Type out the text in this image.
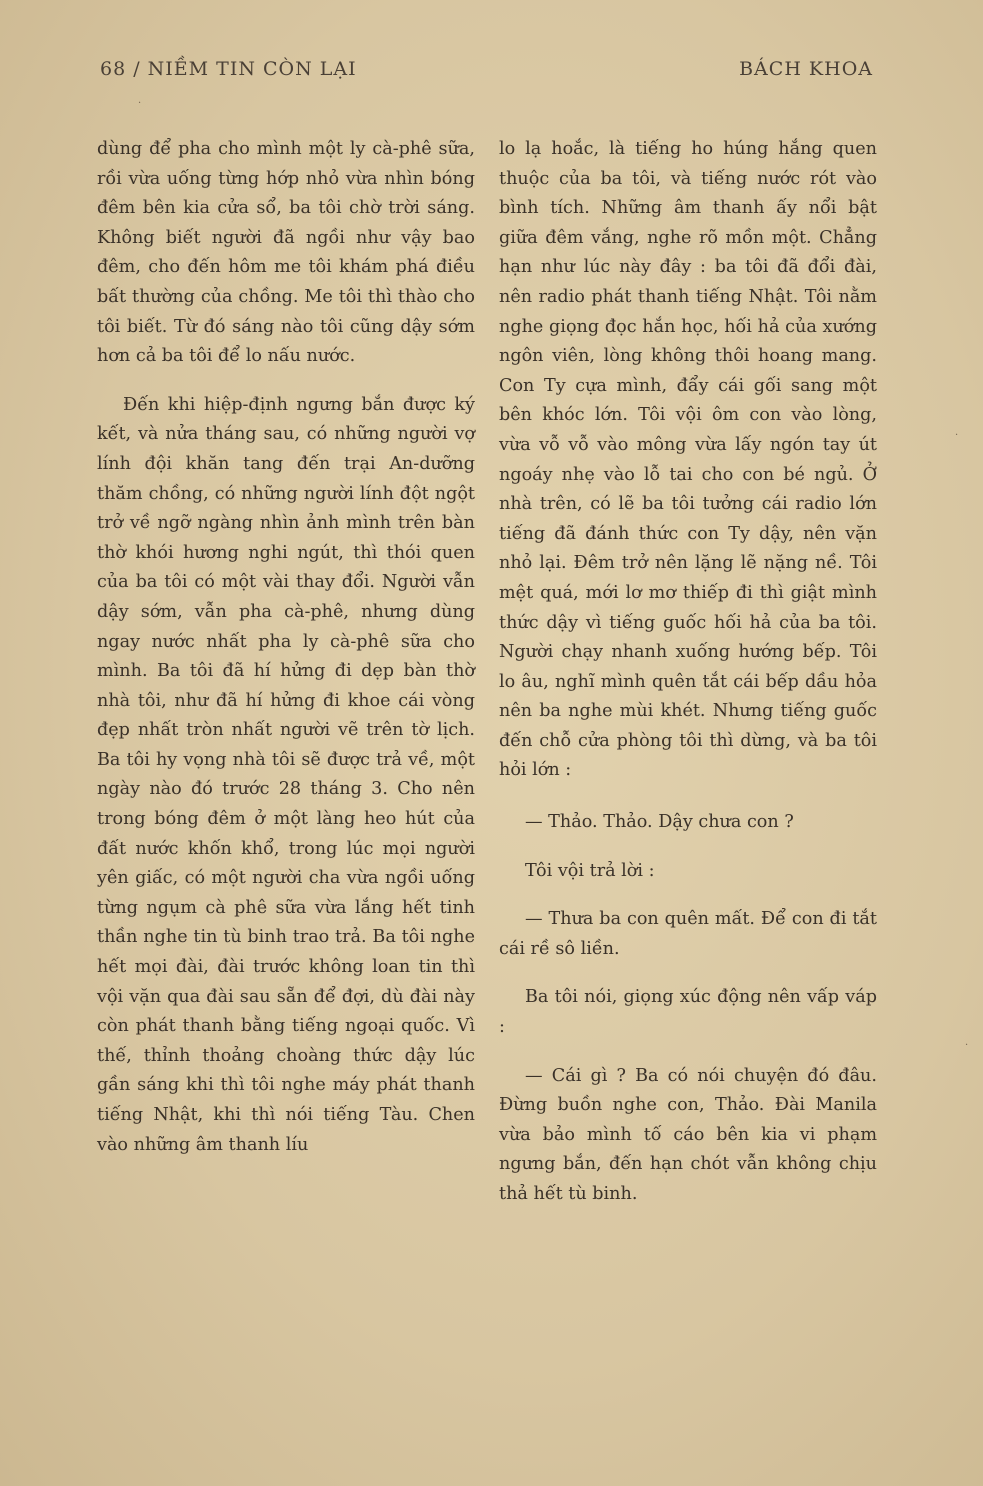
68 / NIỀM TIN CÒN LẠI	BÁCH KHOA

dùng để pha cho mình một ly cà-phê sữa, rồi vừa uống từng hớp nhỏ vừa nhìn bóng đêm bên kia cửa sổ, ba tôi chờ trời sáng. Không biết người đã ngồi như vậy bao đêm, cho đến hôm me tôi khám phá điều bất thường của chồng. Me tôi thì thào cho tôi biết. Từ đó sáng nào tôi cũng dậy sớm hơn cả ba tôi để lo nấu nước.

Đến khi hiệp-định ngưng bắn được ký kết, và nửa tháng sau, có những người vợ lính đội khăn tang đến trại An-dưỡng thăm chồng, có những người lính đột ngột trở về ngỡ ngàng nhìn ảnh mình trên bàn thờ khói hương nghi ngút, thì thói quen của ba tôi có một vài thay đổi. Người vẫn dậy sớm, vẫn pha cà-phê, nhưng dùng ngay nước nhất pha ly cà-phê sữa cho mình. Ba tôi đã hí hửng đi dẹp bàn thờ nhà tôi, như đã hí hửng đi khoe cái vòng đẹp nhất tròn nhất người vẽ trên tờ lịch. Ba tôi hy vọng nhà tôi sẽ được trả về, một ngày nào đó trước 28 tháng 3. Cho nên trong bóng đêm ở một làng heo hút của đất nước khốn khổ, trong lúc mọi người yên giấc, có một người cha vừa ngồi uống từng ngụm cà phê sữa vừa lắng hết tinh thần nghe tin tù binh trao trả. Ba tôi nghe hết mọi đài, đài trước không loan tin thì vội vặn qua đài sau sẵn để đợi, dù đài này còn phát thanh bằng tiếng ngoại quốc. Vì thế, thỉnh thoảng choàng thức dậy lúc gần sáng khi thì tôi nghe máy phát thanh tiếng Nhật, khi thì nói tiếng Tàu. Chen vào những âm thanh líu

lo lạ hoắc, là tiếng ho húng hắng quen thuộc của ba tôi, và tiếng nước rót vào bình tích. Những âm thanh ấy nổi bật giữa đêm vắng, nghe rõ mồn một. Chẳng hạn như lúc này đây : ba tôi đã đổi đài, nên radio phát thanh tiếng Nhật. Tôi nằm nghe giọng đọc hắn học, hối hả của xướng ngôn viên, lòng không thôi hoang mang. Con Ty cựa mình, đẩy cái gối sang một bên khóc lớn. Tôi vội ôm con vào lòng, vừa vỗ vỗ vào mông vừa lấy ngón tay út ngoáy nhẹ vào lỗ tai cho con bé ngủ. Ở nhà trên, có lẽ ba tôi tưởng cái radio lớn tiếng đã đánh thức con Ty dậy, nên vặn nhỏ lại. Đêm trở nên lặng lẽ nặng nề. Tôi mệt quá, mới lơ mơ thiếp đi thì giật mình thức dậy vì tiếng guốc hối hả của ba tôi. Người chạy nhanh xuống hướng bếp. Tôi lo âu, nghĩ mình quên tắt cái bếp dầu hỏa nên ba nghe mùi khét. Nhưng tiếng guốc đến chỗ cửa phòng tôi thì dừng, và ba tôi hỏi lớn :

— Thảo. Thảo. Dậy chưa con ?

Tôi vội trả lời :

— Thưa ba con quên mất. Để con đi tắt cái rề sô liền.

Ba tôi nói, giọng xúc động nên vấp váp :

— Cái gì ? Ba có nói chuyện đó đâu. Đừng buồn nghe con, Thảo. Đài Manila vừa bảo mình tố cáo bên kia vi phạm ngưng bắn, đến hạn chót vẫn không chịu thả hết tù binh.

·
·
·
